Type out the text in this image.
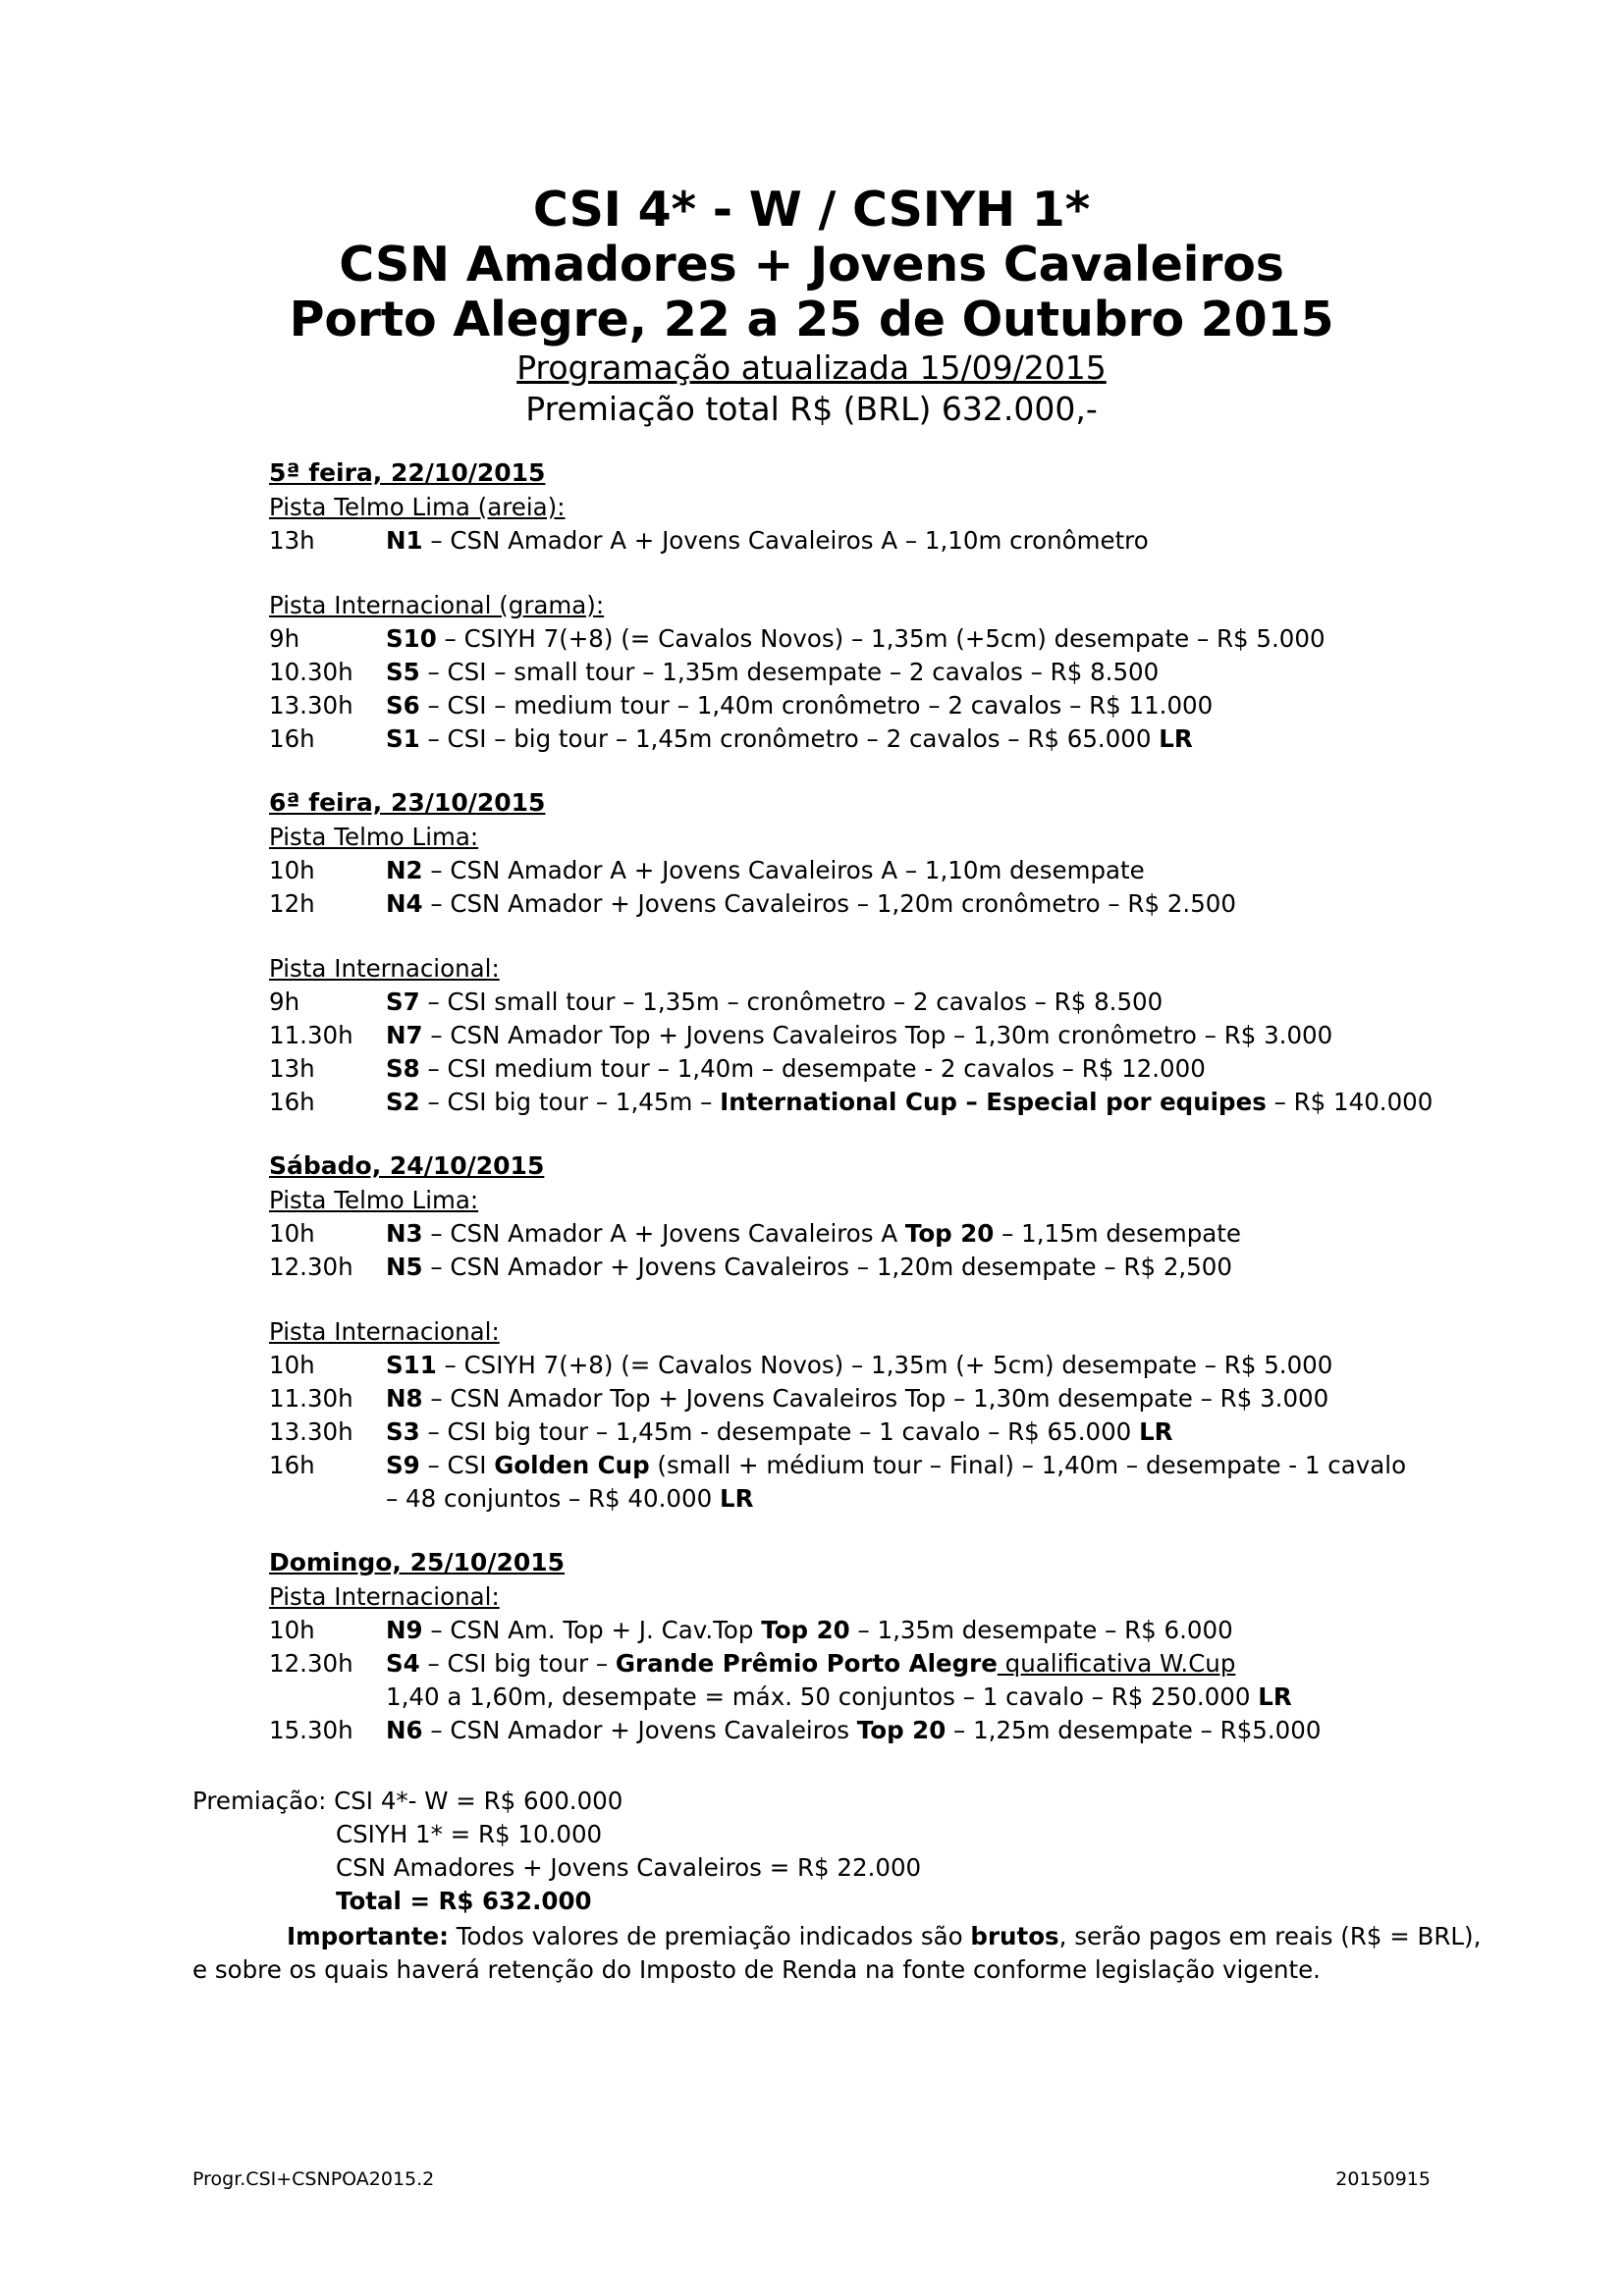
CSI 4* - W / CSIYH 1*
CSN Amadores + Jovens Cavaleiros
Porto Alegre, 22 a 25 de Outubro 2015
Programação atualizada 15/09/2015
Premiação total R$ (BRL) 632.000,-
5ª feira, 22/10/2015
Pista Telmo Lima (areia):
13h	N1 – CSN Amador A + Jovens Cavaleiros A – 1,10m cronômetro
Pista Internacional (grama):
9h	S10 – CSIYH 7(+8) (= Cavalos Novos) – 1,35m (+5cm) desempate – R$ 5.000
10.30h	S5 – CSI – small tour – 1,35m desempate – 2 cavalos – R$ 8.500
13.30h	S6 – CSI – medium tour – 1,40m cronômetro – 2 cavalos – R$ 11.000
16h	S1 – CSI – big tour – 1,45m cronômetro – 2 cavalos – R$ 65.000 LR
6ª feira, 23/10/2015
Pista Telmo Lima:
10h	N2 – CSN Amador A + Jovens Cavaleiros A – 1,10m desempate
12h	N4 – CSN Amador + Jovens Cavaleiros – 1,20m cronômetro – R$ 2.500
Pista Internacional:
9h	S7 – CSI small tour – 1,35m – cronômetro – 2 cavalos – R$ 8.500
11.30h	N7 – CSN Amador Top + Jovens Cavaleiros Top – 1,30m cronômetro – R$ 3.000
13h	S8 – CSI medium tour – 1,40m – desempate - 2 cavalos – R$ 12.000
16h	S2 – CSI big tour – 1,45m – International Cup – Especial por equipes – R$ 140.000
Sábado, 24/10/2015
Pista Telmo Lima:
10h	N3 – CSN Amador A + Jovens Cavaleiros A Top 20 – 1,15m desempate
12.30h	N5 – CSN Amador + Jovens Cavaleiros – 1,20m desempate – R$ 2,500
Pista Internacional:
10h	S11 – CSIYH 7(+8) (= Cavalos Novos) – 1,35m (+ 5cm) desempate – R$ 5.000
11.30h	N8 – CSN Amador Top + Jovens Cavaleiros Top – 1,30m desempate – R$ 3.000
13.30h	S3 – CSI big tour – 1,45m - desempate – 1 cavalo – R$ 65.000 LR
16h	S9 – CSI Golden Cup (small + médium tour – Final) – 1,40m – desempate - 1 cavalo
– 48 conjuntos – R$ 40.000 LR
Domingo, 25/10/2015
Pista Internacional:
10h	N9 – CSN Am. Top + J. Cav.Top Top 20 – 1,35m desempate – R$ 6.000
12.30h	S4 – CSI big tour – Grande Prêmio Porto Alegre qualificativa W.Cup
1,40 a 1,60m, desempate = máx. 50 conjuntos – 1 cavalo – R$ 250.000 LR
15.30h	N6 – CSN Amador + Jovens Cavaleiros Top 20 – 1,25m desempate – R$5.000
Premiação: CSI 4*- W = R$ 600.000
CSIYH 1* = R$ 10.000
CSN Amadores + Jovens Cavaleiros = R$ 22.000
Total = R$ 632.000
Importante: Todos valores de premiação indicados são brutos, serão pagos em reais (R$ = BRL), e sobre os quais haverá retenção do Imposto de Renda na fonte conforme legislação vigente.
Progr.CSI+CSNPOA2015.2	20150915
